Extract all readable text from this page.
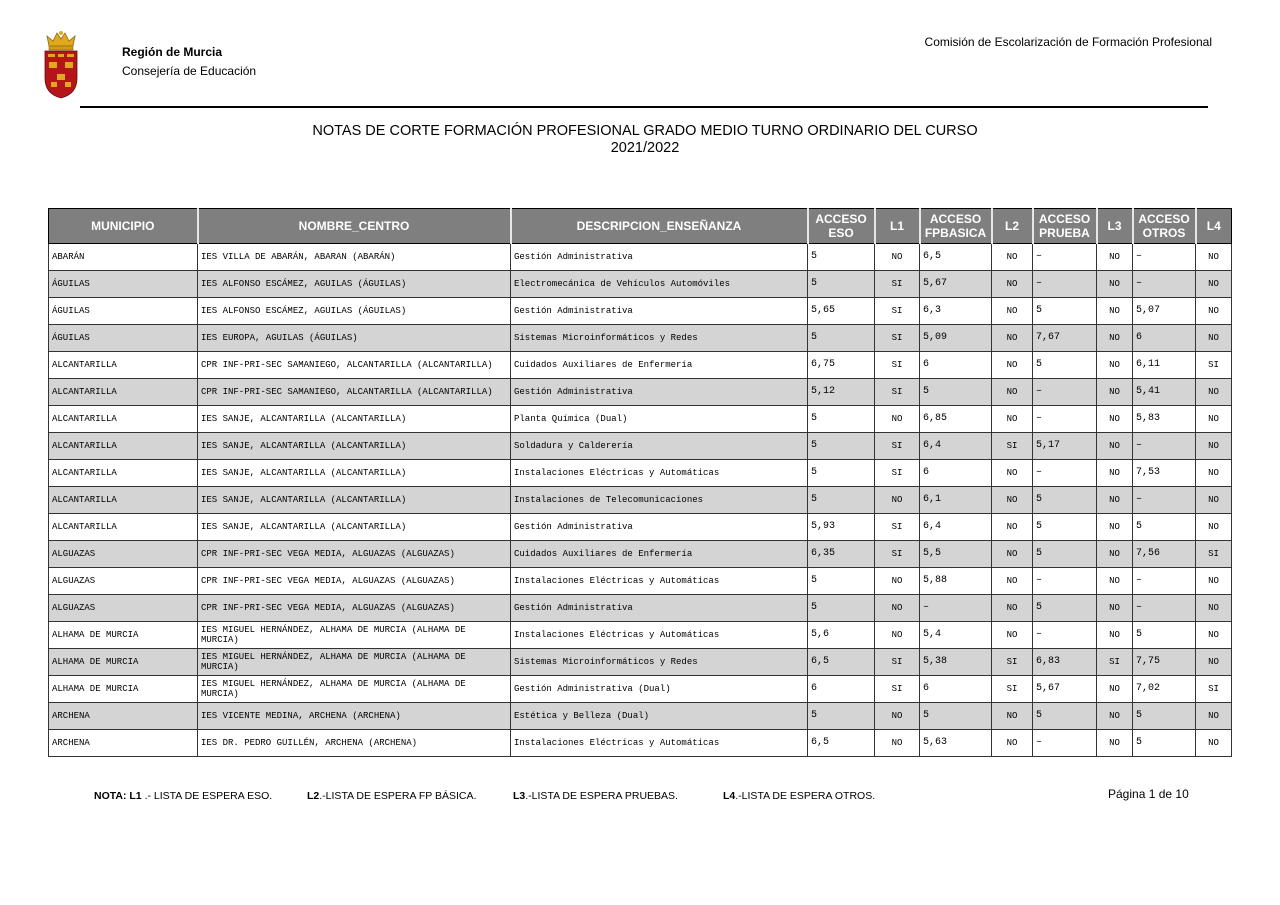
Región de Murcia
Consejería de Educación
Comisión de Escolarización de Formación Profesional
NOTAS DE CORTE FORMACIÓN PROFESIONAL GRADO MEDIO TURNO ORDINARIO DEL CURSO
2021/2022
MUNICIPIO	NOMBRE_CENTRO	DESCRIPCION_ENSEÑANZA	ACCESO ESO	L1	ACCESO FPBASICA	L2	ACCESO PRUEBA	L3	ACCESO OTROS	L4
ABARÁN	IES VILLA DE ABARÁN, ABARAN (ABARÁN)	Gestión Administrativa	5	NO	6,5	NO	–	NO	–	NO
ÁGUILAS	IES ALFONSO ESCÁMEZ, AGUILAS (ÁGUILAS)	Electromecánica de Vehículos Automóviles	5	SI	5,67	NO	–	NO	–	NO
ÁGUILAS	IES ALFONSO ESCÁMEZ, AGUILAS (ÁGUILAS)	Gestión Administrativa	5,65	SI	6,3	NO	5	NO	5,07	NO
ÁGUILAS	IES EUROPA, AGUILAS (ÁGUILAS)	Sistemas Microinformáticos y Redes	5	SI	5,09	NO	7,67	NO	6	NO
ALCANTARILLA	CPR INF-PRI-SEC SAMANIEGO, ALCANTARILLA (ALCANTARILLA)	Cuidados Auxiliares de Enfermería	6,75	SI	6	NO	5	NO	6,11	SI
ALCANTARILLA	CPR INF-PRI-SEC SAMANIEGO, ALCANTARILLA (ALCANTARILLA)	Gestión Administrativa	5,12	SI	5	NO	–	NO	5,41	NO
ALCANTARILLA	IES SANJE, ALCANTARILLA (ALCANTARILLA)	Planta Química (Dual)	5	NO	6,85	NO	–	NO	5,83	NO
ALCANTARILLA	IES SANJE, ALCANTARILLA (ALCANTARILLA)	Soldadura y Calderería	5	SI	6,4	SI	5,17	NO	–	NO
ALCANTARILLA	IES SANJE, ALCANTARILLA (ALCANTARILLA)	Instalaciones Eléctricas y Automáticas	5	SI	6	NO	–	NO	7,53	NO
ALCANTARILLA	IES SANJE, ALCANTARILLA (ALCANTARILLA)	Instalaciones de Telecomunicaciones	5	NO	6,1	NO	5	NO	–	NO
ALCANTARILLA	IES SANJE, ALCANTARILLA (ALCANTARILLA)	Gestión Administrativa	5,93	SI	6,4	NO	5	NO	5	NO
ALGUAZAS	CPR INF-PRI-SEC VEGA MEDIA, ALGUAZAS (ALGUAZAS)	Cuidados Auxiliares de Enfermería	6,35	SI	5,5	NO	5	NO	7,56	SI
ALGUAZAS	CPR INF-PRI-SEC VEGA MEDIA, ALGUAZAS (ALGUAZAS)	Instalaciones Eléctricas y Automáticas	5	NO	5,88	NO	–	NO	–	NO
ALGUAZAS	CPR INF-PRI-SEC VEGA MEDIA, ALGUAZAS (ALGUAZAS)	Gestión Administrativa	5	NO	–	NO	5	NO	–	NO
ALHAMA DE MURCIA	IES MIGUEL HERNÁNDEZ, ALHAMA DE MURCIA (ALHAMA DE MURCIA)	Instalaciones Eléctricas y Automáticas	5,6	NO	5,4	NO	–	NO	5	NO
ALHAMA DE MURCIA	IES MIGUEL HERNÁNDEZ, ALHAMA DE MURCIA (ALHAMA DE MURCIA)	Sistemas Microinformáticos y Redes	6,5	SI	5,38	SI	6,83	SI	7,75	NO
ALHAMA DE MURCIA	IES MIGUEL HERNÁNDEZ, ALHAMA DE MURCIA (ALHAMA DE MURCIA)	Gestión Administrativa (Dual)	6	SI	6	SI	5,67	NO	7,02	SI
ARCHENA	IES VICENTE MEDINA, ARCHENA (ARCHENA)	Estética y Belleza (Dual)	5	NO	5	NO	5	NO	5	NO
ARCHENA	IES DR. PEDRO GUILLÉN, ARCHENA (ARCHENA)	Instalaciones Eléctricas y Automáticas	6,5	NO	5,63	NO	–	NO	5	NO
NOTA: L1 .- LISTA DE ESPERA ESO.	L2.-LISTA DE ESPERA FP BÁSICA.	L3.-LISTA DE ESPERA PRUEBAS.	L4.-LISTA DE ESPERA OTROS.	Página 1 de 10
